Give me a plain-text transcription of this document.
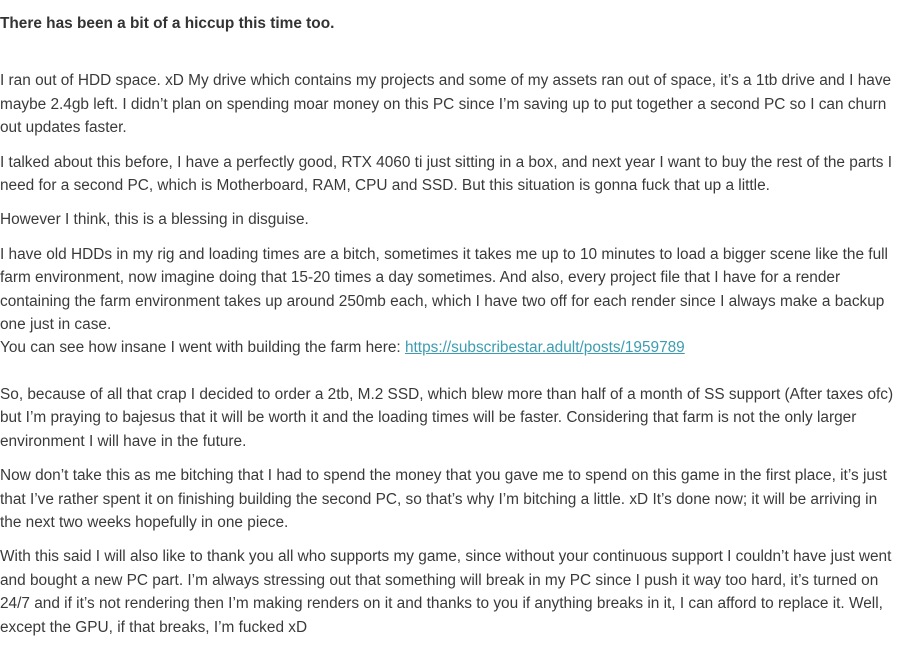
There has been a bit of a hiccup this time too.

I ran out of HDD space. xD My drive which contains my projects and some of my assets ran out of space, it’s a 1tb drive and I have maybe 2.4gb left. I didn’t plan on spending moar money on this PC since I’m saving up to put together a second PC so I can churn out updates faster.

I talked about this before, I have a perfectly good, RTX 4060 ti just sitting in a box, and next year I want to buy the rest of the parts I need for a second PC, which is Motherboard, RAM, CPU and SSD. But this situation is gonna fuck that up a little.

However I think, this is a blessing in disguise.

I have old HDDs in my rig and loading times are a bitch, sometimes it takes me up to 10 minutes to load a bigger scene like the full farm environment, now imagine doing that 15-20 times a day sometimes. And also, every project file that I have for a render containing the farm environment takes up around 250mb each, which I have two off for each render since I always make a backup one just in case.

You can see how insane I went with building the farm here: https://subscribestar.adult/posts/1959789

So, because of all that crap I decided to order a 2tb, M.2 SSD, which blew more than half of a month of SS support (After taxes ofc) but I’m praying to bajesus that it will be worth it and the loading times will be faster. Considering that farm is not the only larger environment I will have in the future.

Now don’t take this as me bitching that I had to spend the money that you gave me to spend on this game in the first place, it’s just that I’ve rather spent it on finishing building the second PC, so that’s why I’m bitching a little. xD It’s done now; it will be arriving in the next two weeks hopefully in one piece.

With this said I will also like to thank you all who supports my game, since without your continuous support I couldn’t have just went and bought a new PC part. I’m always stressing out that something will break in my PC since I push it way too hard, it’s turned on 24/7 and if it’s not rendering then I’m making renders on it and thanks to you if anything breaks in it, I can afford to replace it. Well, except the GPU, if that breaks, I’m fucked xD
